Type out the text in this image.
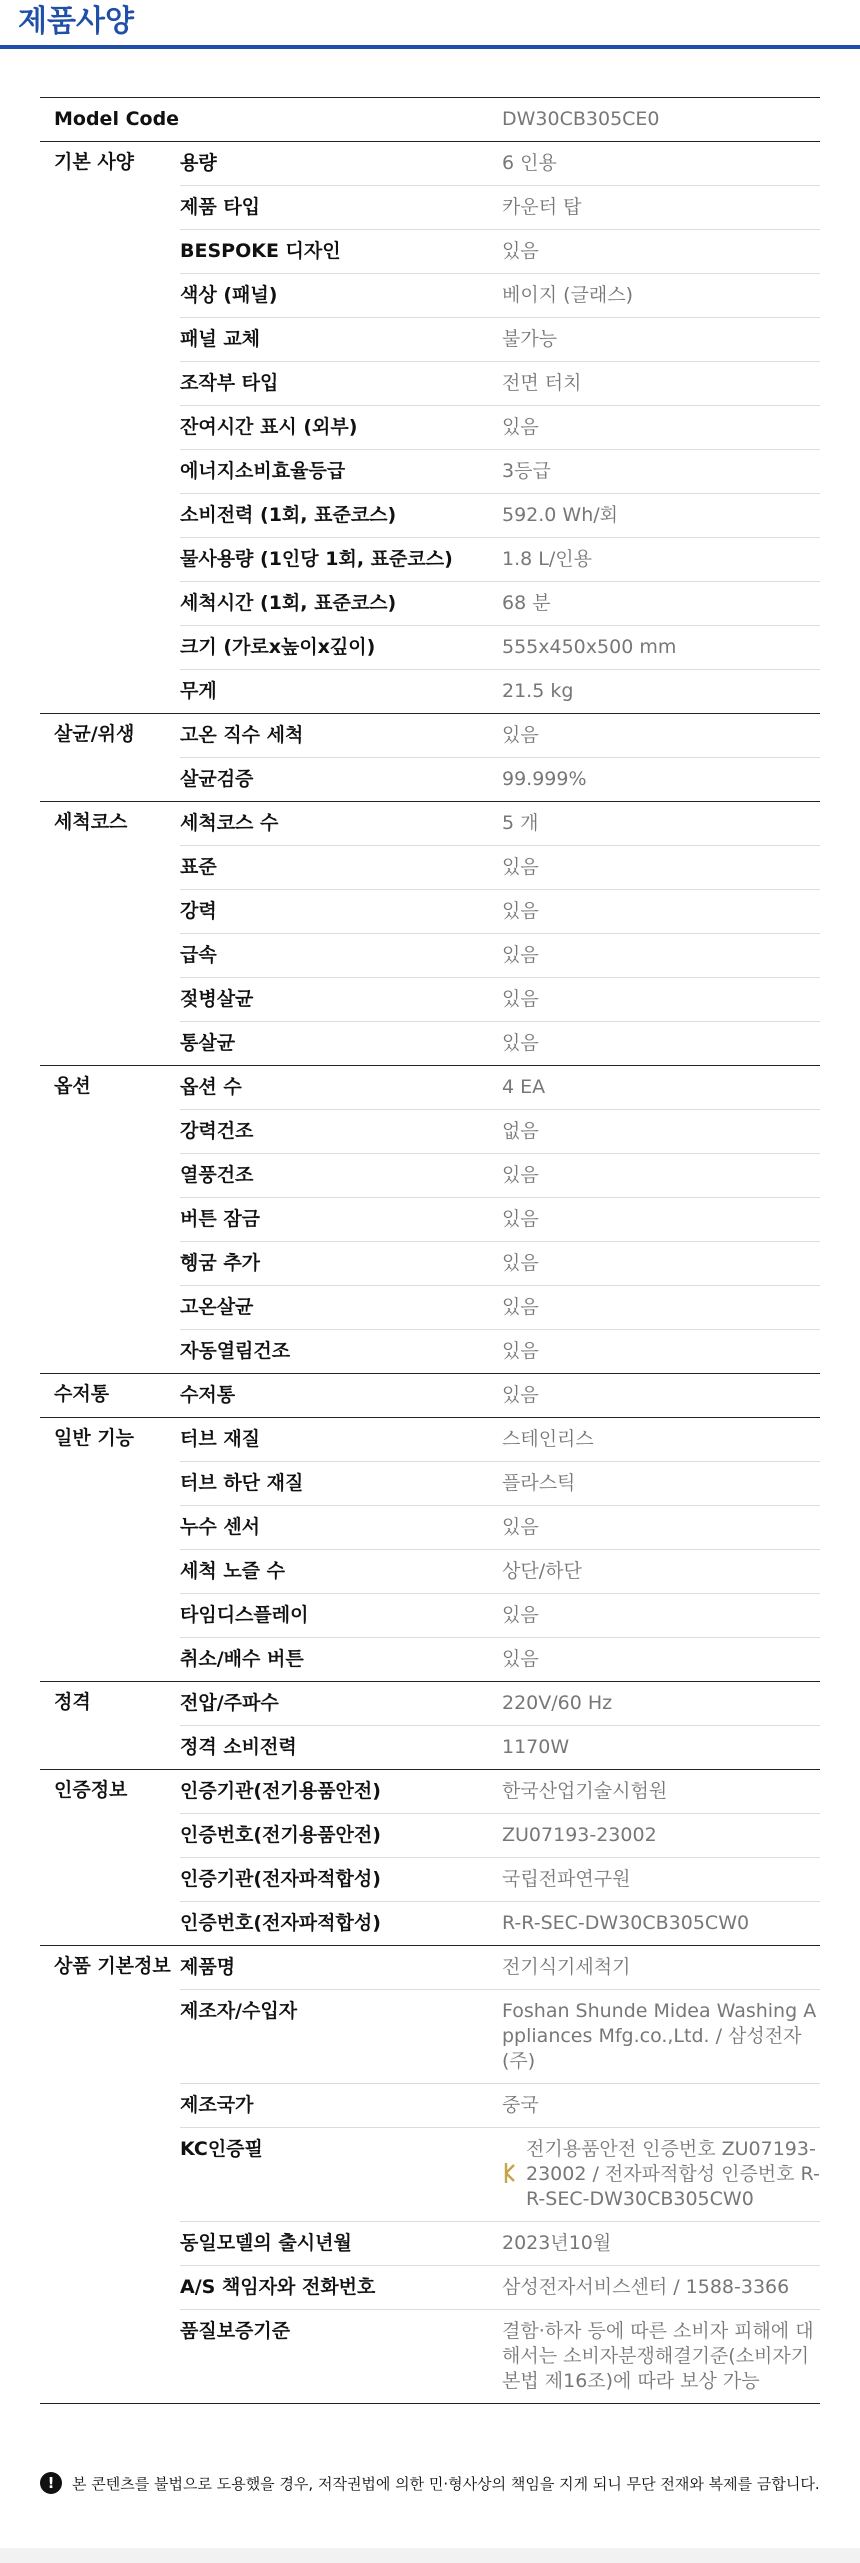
제품사양
Model Code	DW30CB305CE0
기본 사양	용량	6 인용
제품 타입	카운터 탑
BESPOKE 디자인	있음
색상 (패널)	베이지 (글래스)
패널 교체	불가능
조작부 타입	전면 터치
잔여시간 표시 (외부)	있음
에너지소비효율등급	3등급
소비전력 (1회, 표준코스)	592.0 Wh/회
물사용량 (1인당 1회, 표준코스)	1.8 L/인용
세척시간 (1회, 표준코스)	68 분
크기 (가로x높이x깊이)	555x450x500 mm
무게	21.5 kg
살균/위생	고온 직수 세척	있음
살균검증	99.999%
세척코스	세척코스 수	5 개
표준	있음
강력	있음
급속	있음
젖병살균	있음
통살균	있음
옵션	옵션 수	4 EA
강력건조	없음
열풍건조	있음
버튼 잠금	있음
헹굼 추가	있음
고온살균	있음
자동열림건조	있음
수저통	수저통	있음
일반 기능	터브 재질	스테인리스
터브 하단 재질	플라스틱
누수 센서	있음
세척 노즐 수	상단/하단
타임디스플레이	있음
취소/배수 버튼	있음
정격	전압/주파수	220V/60 Hz
정격 소비전력	1170W
인증정보	인증기관(전기용품안전)	한국산업기술시험원
인증번호(전기용품안전)	ZU07193-23002
인증기관(전자파적합성)	국립전파연구원
인증번호(전자파적합성)	R-R-SEC-DW30CB305CW0
상품 기본정보 제품명	전기식기세척기
제조자/수입자	Foshan Shunde Midea Washing Appliances Mfg.co.,Ltd. / 삼성전자(주)
제조국가	중국
KC인증필	전기용품안전 인증번호 ZU07193-23002 / 전자파적합성 인증번호 R-R-SEC-DW30CB305CW0
동일모델의 출시년월	2023년10월
A/S 책임자와 전화번호	삼성전자서비스센터 / 1588-3366
품질보증기준	결함·하자 등에 따른 소비자 피해에 대해서는 소비자분쟁해결기준(소비자기본법 제16조)에 따라 보상 가능
!	본 콘텐츠를 불법으로 도용했을 경우, 저작권법에 의한 민·형사상의 책임을 지게 되니 무단 전재와 복제를 금합니다.
